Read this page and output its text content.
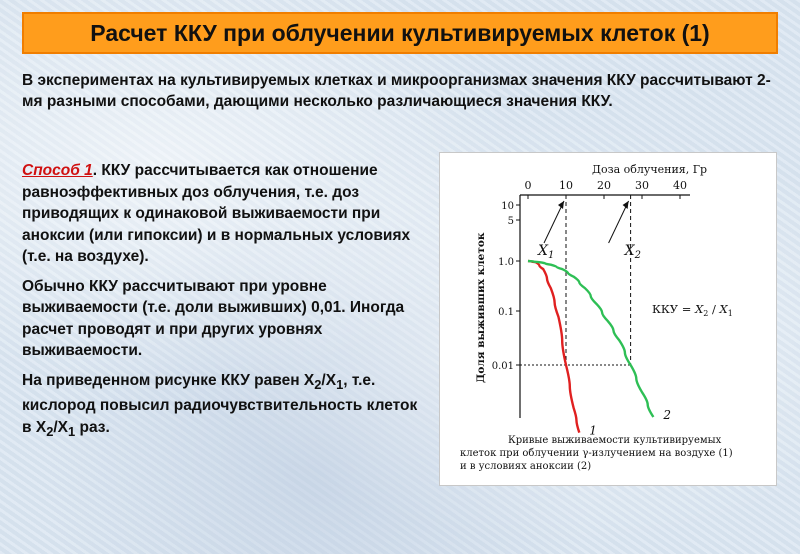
Расчет ККУ при облучении культивируемых клеток (1)
В экспериментах на культивируемых клетках и микроорганизмах значения ККУ рассчитывают 2-мя разными способами, дающими несколько различающиеся значения ККУ.

Способ 1. ККУ рассчитывается как отношение равноэффективных доз облучения, т.е. доз приводящих к одинаковой выживаемости при аноксии (или гипоксии) и в нормальных условиях (т.е. на воздухе).

Обычно ККУ рассчитывают при уровне выживаемости (т.е. доли выживших) 0,01. Иногда расчет проводят и при других уровнях выживаемости.

На приведенном рисунке ККУ равен $X_2/X_1$, т.е. кислород повысил радиочувствительность клеток в $X_2/X_1$ раз.

Доза облучения, Гр
0	10 20 30 40
10
5
1.0
0.1
0.01
Доля выживших клеток	$X_1$	$X_2$
1
2
ККУ = $X_2 / X_1$
Кривые выживаемости культивируемых
клеток при облучении γ-излучением на воздухе (1)
и в условиях аноксии (2)
